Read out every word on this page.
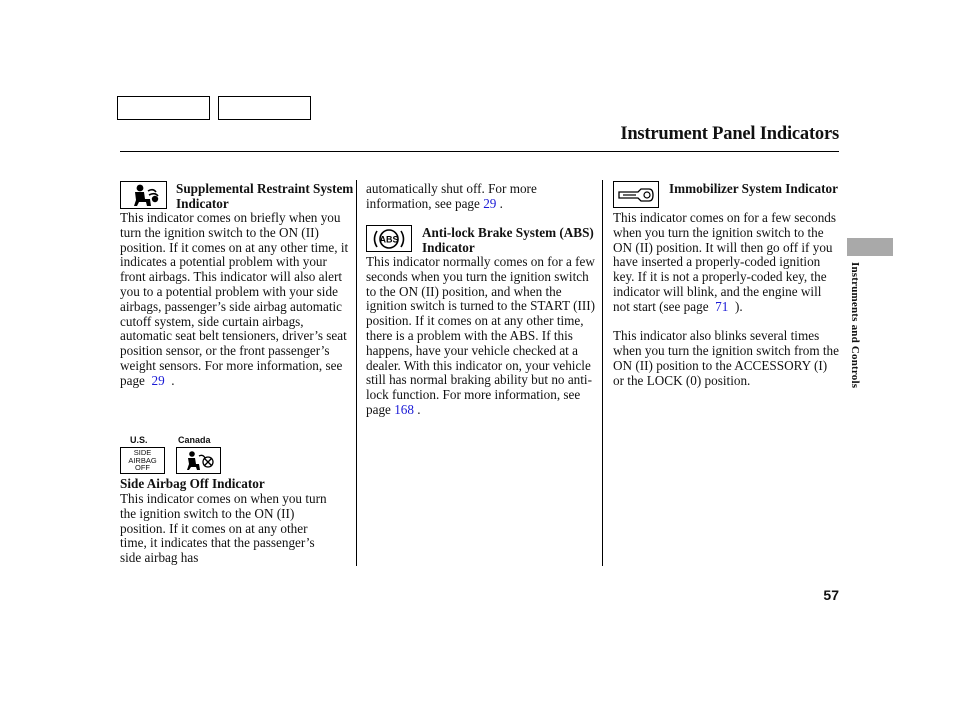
Instrument Panel Indicators
Supplemental Restraint System Indicator

This indicator comes on briefly when you turn the ignition switch to the ON (II) position. If it comes on at any other time, it indicates a potential problem with your front airbags. This indicator will also alert you to a potential problem with your side airbags, passenger’s side airbag automatic cutoff system, side curtain airbags, automatic seat belt tensioners, driver’s seat position sensor, or the front passenger’s weight sensors. For more information, see page 29  .

U.S.	Canada
SIDE AIRBAG OFF
Side Airbag Off Indicator
This indicator comes on when you turn the ignition switch to the ON (II) position. If it comes on at any other time, it indicates that the passenger’s side airbag has

automatically shut off. For more information, see page 29 .

ABS Anti-lock Brake System (ABS) Indicator

This indicator normally comes on for a few seconds when you turn the ignition switch to the ON (II) position, and when the ignition switch is turned to the START (III) position. If it comes on at any other time, there is a problem with the ABS. If this happens, have your vehicle checked at a dealer. With this indicator on, your vehicle still has normal braking ability but no anti-lock function. For more information, see page 168 .

Immobilizer System Indicator

This indicator comes on for a few seconds when you turn the ignition switch to the ON (II) position. It will then go off if you have inserted a properly-coded ignition key. If it is not a properly-coded key, the indicator will blink, and the engine will not start (see page 71 ).

This indicator also blinks several times when you turn the ignition switch from the ON (II) position to the ACCESSORY (I) or the LOCK (0) position.	Instruments and Controls
57
